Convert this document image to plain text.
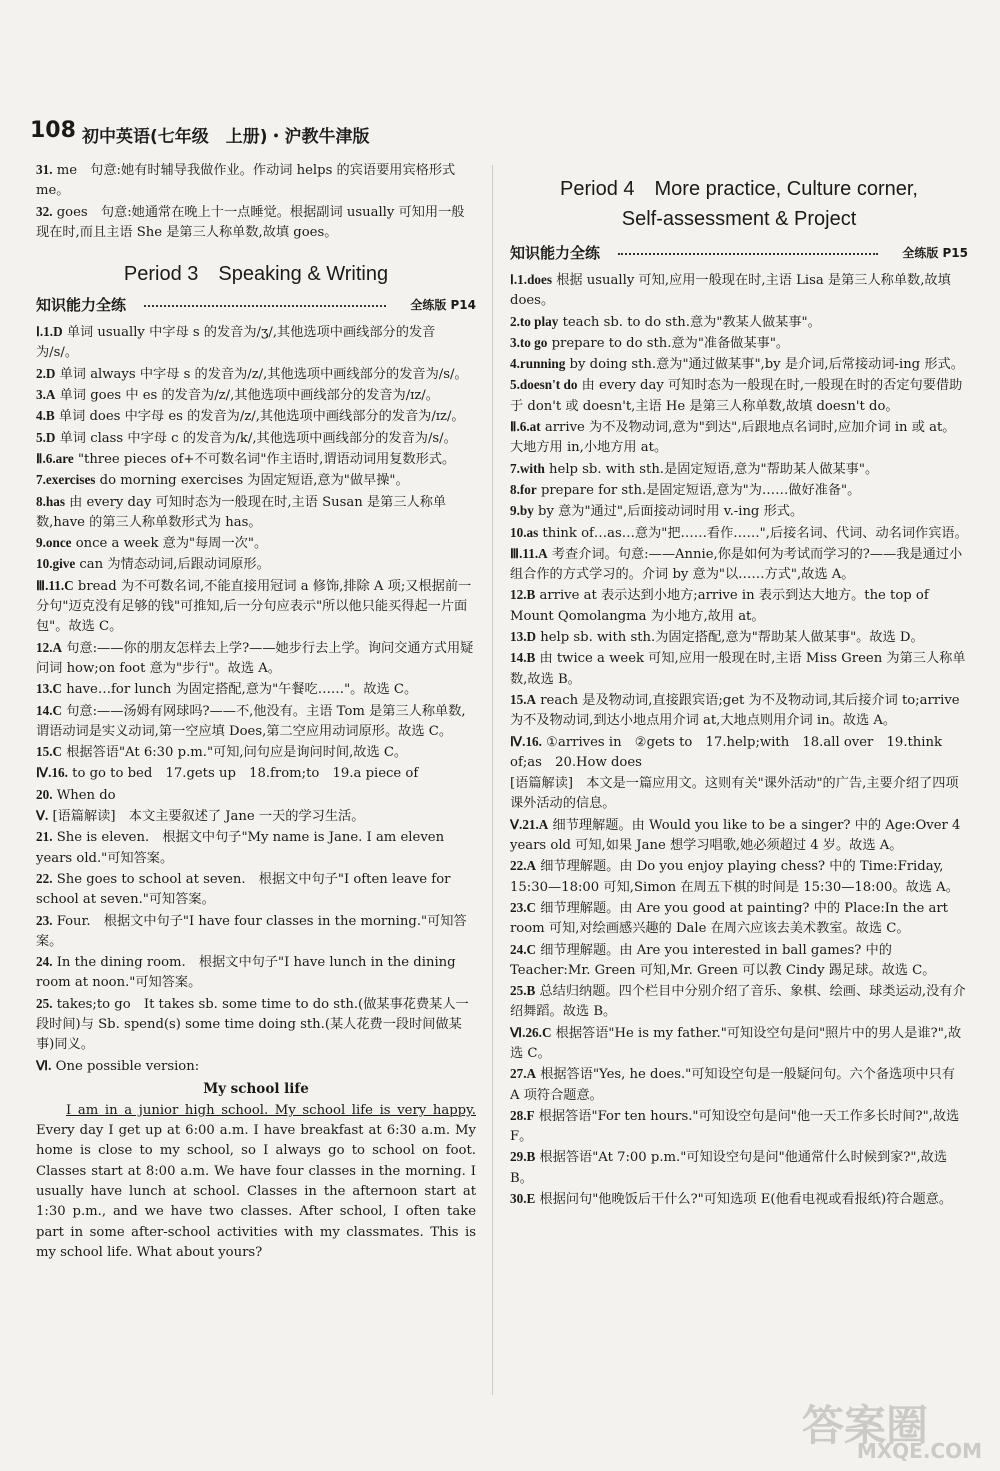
108 初中英语(七年级　上册)・沪教牛津版
31. me　句意:她有时辅导我做作业。作动词 helps 的宾语要用宾格形式 me。
32. goes　句意:她通常在晚上十一点睡觉。根据副词 usually 可知用一般现在时,而且主语 She 是第三人称单数,故填 goes。
Period 3　Speaking & Writing
知识能力全练	全练版 P14
Ⅰ.1.D 单词 usually 中字母 s 的发音为/ʒ/,其他选项中画线部分的发音为/s/。
2.D 单词 always 中字母 s 的发音为/z/,其他选项中画线部分的发音为/s/。
3.A 单词 goes 中 es 的发音为/z/,其他选项中画线部分的发音为/ɪz/。
4.B 单词 does 中字母 es 的发音为/z/,其他选项中画线部分的发音为/ɪz/。
5.D 单词 class 中字母 c 的发音为/k/,其他选项中画线部分的发音为/s/。
Ⅱ.6.are "three pieces of+不可数名词"作主语时,谓语动词用复数形式。
7.exercises do morning exercises 为固定短语,意为"做早操"。
8.has 由 every day 可知时态为一般现在时,主语 Susan 是第三人称单数,have 的第三人称单数形式为 has。
9.once once a week 意为"每周一次"。
10.give can 为情态动词,后跟动词原形。
Ⅲ.11.C bread 为不可数名词,不能直接用冠词 a 修饰,排除 A 项;又根据前一分句"迈克没有足够的钱"可推知,后一分句应表示"所以他只能买得起一片面包"。故选 C。
12.A 句意:——你的朋友怎样去上学?——她步行去上学。询问交通方式用疑问词 how;on foot 意为"步行"。故选 A。
13.C have…for lunch 为固定搭配,意为"午餐吃……"。故选 C。
14.C 句意:——汤姆有网球吗?——不,他没有。主语 Tom 是第三人称单数,谓语动词是实义动词,第一空应填 Does,第二空应用动词原形。故选 C。
15.C 根据答语"At 6:30 p.m."可知,问句应是询问时间,故选 C。
Ⅳ.16. to go to bed　17.gets up　18.from;to　19.a piece of
20. When do
Ⅴ. [语篇解读]　本文主要叙述了 Jane 一天的学习生活。
21. She is eleven.　根据文中句子"My name is Jane. I am eleven years old."可知答案。
22. She goes to school at seven.　根据文中句子"I often leave for school at seven."可知答案。
23. Four.　根据文中句子"I have four classes in the morning."可知答案。
24. In the dining room.　根据文中句子"I have lunch in the dining room at noon."可知答案。
25. takes;to go　It takes sb. some time to do sth.(做某事花费某人一段时间)与 Sb. spend(s) some time doing sth.(某人花费一段时间做某事)同义。
Ⅵ. One possible version:
My school life

I am in a junior high school. My school life is very happy. Every day I get up at 6:00 a.m. I have breakfast at 6:30 a.m. My home is close to my school, so I always go to school on foot. Classes start at 8:00 a.m. We have four classes in the morning. I usually have lunch at school. Classes in the afternoon start at 1:30 p.m., and we have two classes. After school, I often take part in some after-school activities with my classmates. This is my school life. What about yours?

Period 4　More practice, Culture corner,
Self-assessment & Project
知识能力全练	全练版 P15
Ⅰ.1.does 根据 usually 可知,应用一般现在时,主语 Lisa 是第三人称单数,故填 does。
2.to play teach sb. to do sth.意为"教某人做某事"。
3.to go prepare to do sth.意为"准备做某事"。
4.running by doing sth.意为"通过做某事",by 是介词,后常接动词-ing 形式。
5.doesn't do 由 every day 可知时态为一般现在时,一般现在时的否定句要借助于 don't 或 doesn't,主语 He 是第三人称单数,故填 doesn't do。
Ⅱ.6.at arrive 为不及物动词,意为"到达",后跟地点名词时,应加介词 in 或 at。大地方用 in,小地方用 at。
7.with help sb. with sth.是固定短语,意为"帮助某人做某事"。
8.for prepare for sth.是固定短语,意为"为……做好准备"。
9.by by 意为"通过",后面接动词时用 v.-ing 形式。
10.as think of…as…意为"把……看作……",后接名词、代词、动名词作宾语。
Ⅲ.11.A 考查介词。句意:——Annie,你是如何为考试而学习的?——我是通过小组合作的方式学习的。介词 by 意为"以……方式",故选 A。
12.B arrive at 表示达到小地方;arrive in 表示到达大地方。the top of Mount Qomolangma 为小地方,故用 at。
13.D help sb. with sth.为固定搭配,意为"帮助某人做某事"。故选 D。
14.B 由 twice a week 可知,应用一般现在时,主语 Miss Green 为第三人称单数,故选 B。
15.A reach 是及物动词,直接跟宾语;get 为不及物动词,其后接介词 to;arrive 为不及物动词,到达小地点用介词 at,大地点则用介词 in。故选 A。
Ⅳ.16. ①arrives in　②gets to　17.help;with　18.all over　19.think of;as　20.How does
[语篇解读]　本文是一篇应用文。这则有关"课外活动"的广告,主要介绍了四项课外活动的信息。
Ⅴ.21.A 细节理解题。由 Would you like to be a singer? 中的 Age:Over 4 years old 可知,如果 Jane 想学习唱歌,她必须超过 4 岁。故选 A。
22.A 细节理解题。由 Do you enjoy playing chess? 中的 Time:Friday, 15:30—18:00 可知,Simon 在周五下棋的时间是 15:30—18:00。故选 A。
23.C 细节理解题。由 Are you good at painting? 中的 Place:In the art room 可知,对绘画感兴趣的 Dale 在周六应该去美术教室。故选 C。
24.C 细节理解题。由 Are you interested in ball games? 中的 Teacher:Mr. Green 可知,Mr. Green 可以教 Cindy 踢足球。故选 C。
25.B 总结归纳题。四个栏目中分别介绍了音乐、象棋、绘画、球类运动,没有介绍舞蹈。故选 B。
Ⅵ.26.C 根据答语"He is my father."可知设空句是问"照片中的男人是谁?",故选 C。
27.A 根据答语"Yes, he does."可知设空句是一般疑问句。六个备选项中只有 A 项符合题意。
28.F 根据答语"For ten hours."可知设空句是问"他一天工作多长时间?",故选 F。
29.B 根据答语"At 7:00 p.m."可知设空句是问"他通常什么时候到家?",故选 B。
30.E 根据问句"他晚饭后干什么?"可知选项 E(他看电视或看报纸)符合题意。
答案圈
MXQE.COM
